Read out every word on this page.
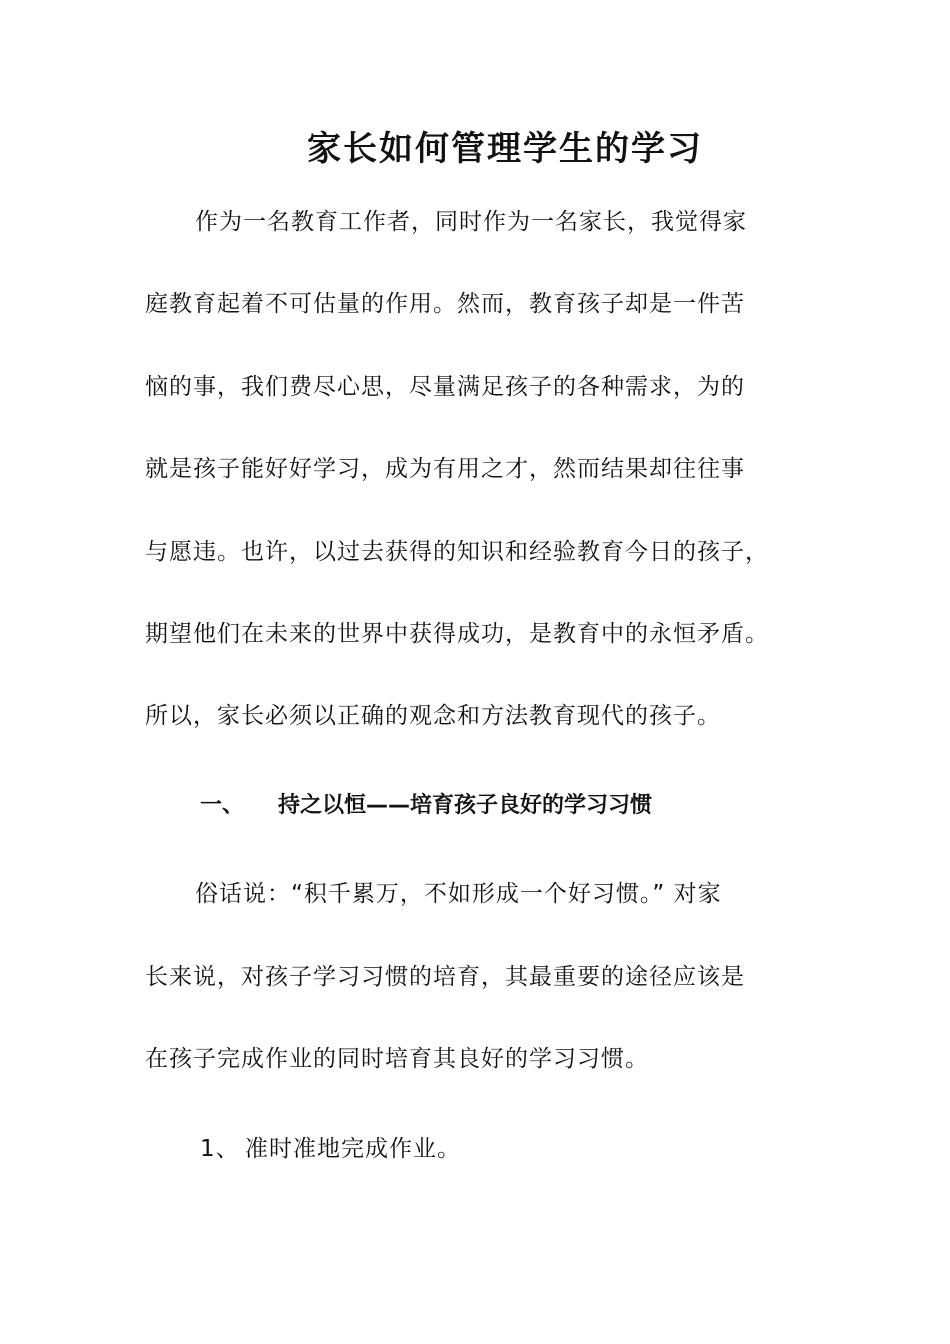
家长如何管理学生的学习
作为一名教育工作者，同时作为一名家长，我觉得家
庭教育起着不可估量的作用。然而，教育孩子却是一件苦
恼的事，我们费尽心思，尽量满足孩子的各种需求，为的
就是孩子能好好学习，成为有用之才，然而结果却往往事
与愿违。也许，以过去获得的知识和经验教育今日的孩子，
期望他们在未来的世界中获得成功，是教育中的永恒矛盾。
所以，家长必须以正确的观念和方法教育现代的孩子。
一、 持之以恒——培育孩子良好的学习习惯
俗话说：“积千累万，不如形成一个好习惯。” 对家
长来说，对孩子学习习惯的培育，其最重要的途径应该是
在孩子完成作业的同时培育其良好的学习习惯。
1、 准时准地完成作业。
